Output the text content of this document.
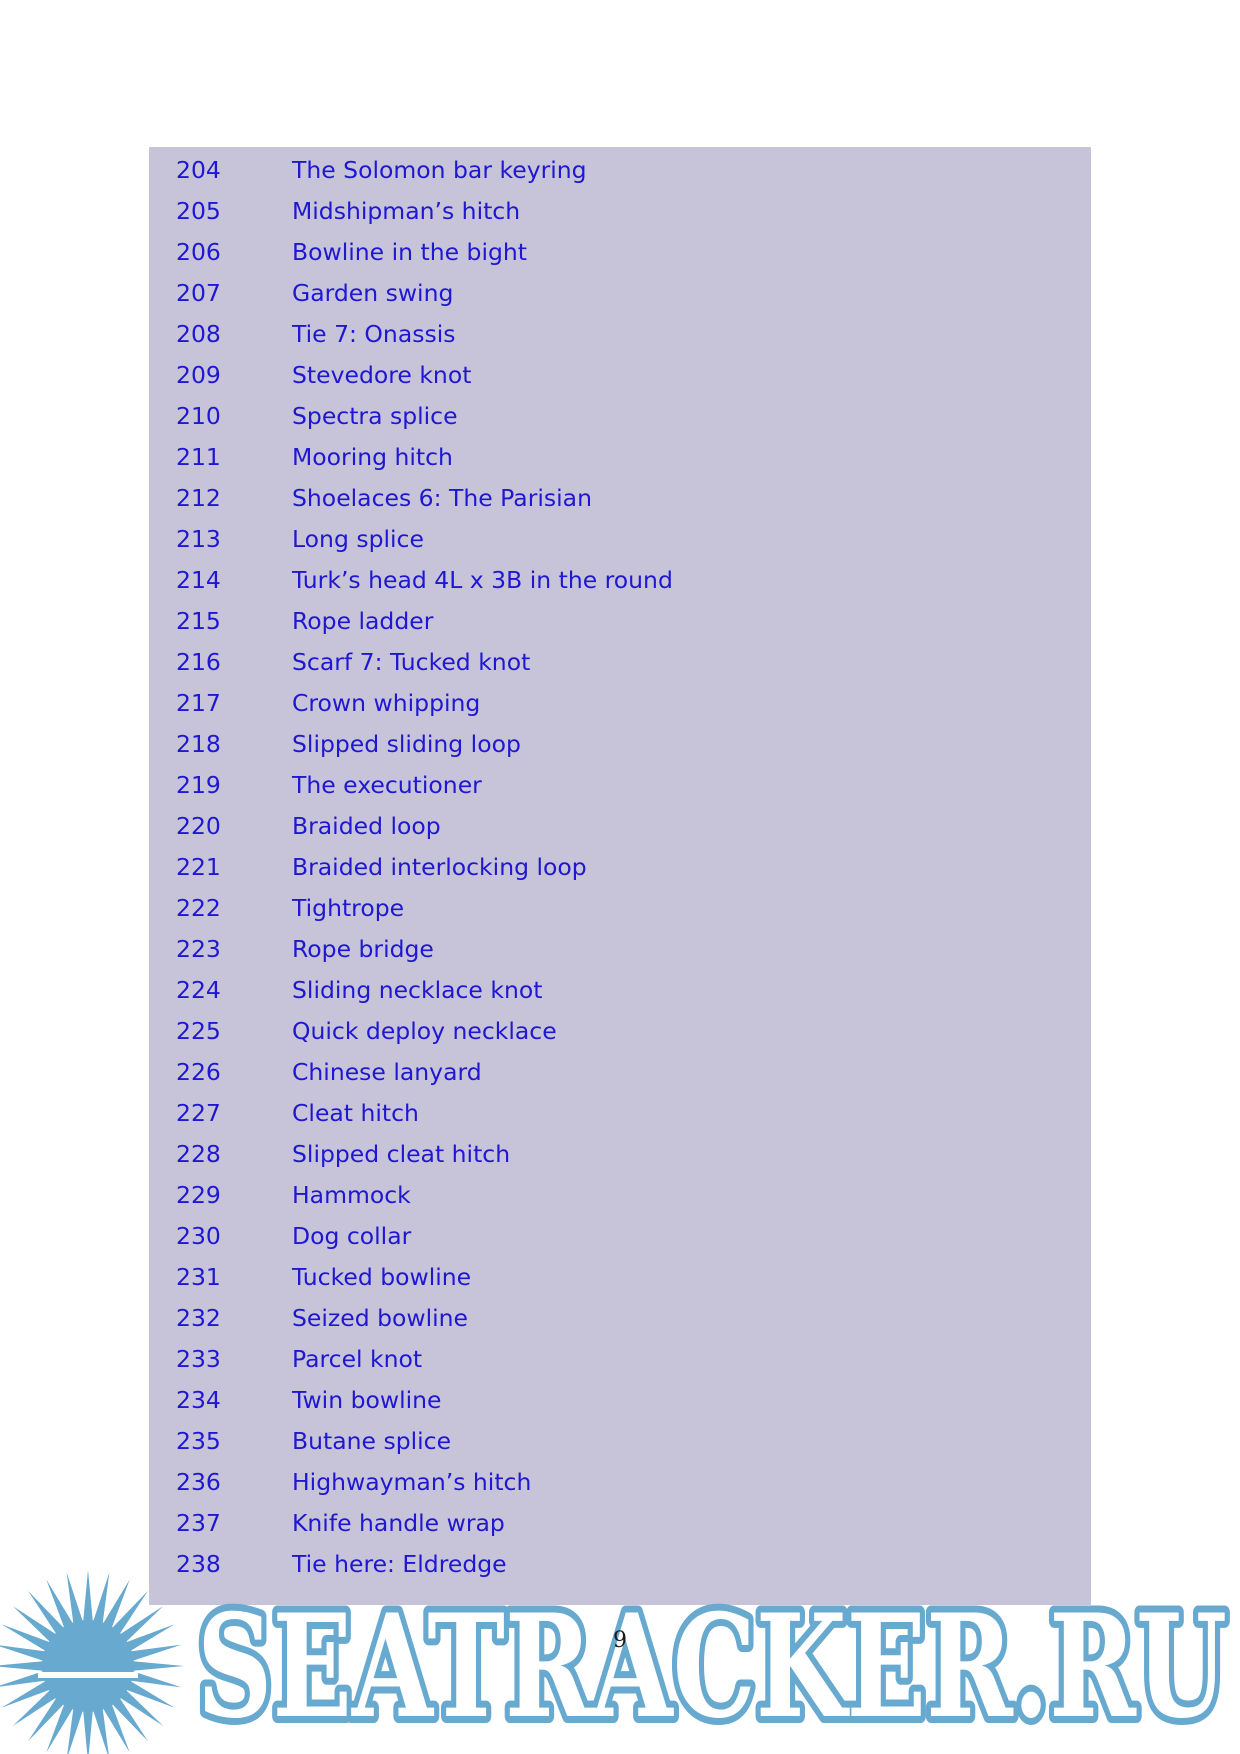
204	The Solomon bar keyring
205	Midshipman’s hitch
206	Bowline in the bight
207	Garden swing
208	Tie 7: Onassis
209	Stevedore knot
210	Spectra splice
211	Mooring hitch
212	Shoelaces 6: The Parisian
213	Long splice
214	Turk’s head 4L x 3B in the round
215	Rope ladder
216	Scarf 7: Tucked knot
217	Crown whipping
218	Slipped sliding loop
219	The executioner
220	Braided loop
221	Braided interlocking loop
222	Tightrope
223	Rope bridge
224	Sliding necklace knot
225	Quick deploy necklace
226	Chinese lanyard
227	Cleat hitch
228	Slipped cleat hitch
229	Hammock
230	Dog collar
231	Tucked bowline
232	Seized bowline
233	Parcel knot
234	Twin bowline
235	Butane splice
236	Highwayman’s hitch
237	Knife handle wrap
238	Tie here: Eldredge
9
SEATRACKER.RU
SEATRACKER.RU
